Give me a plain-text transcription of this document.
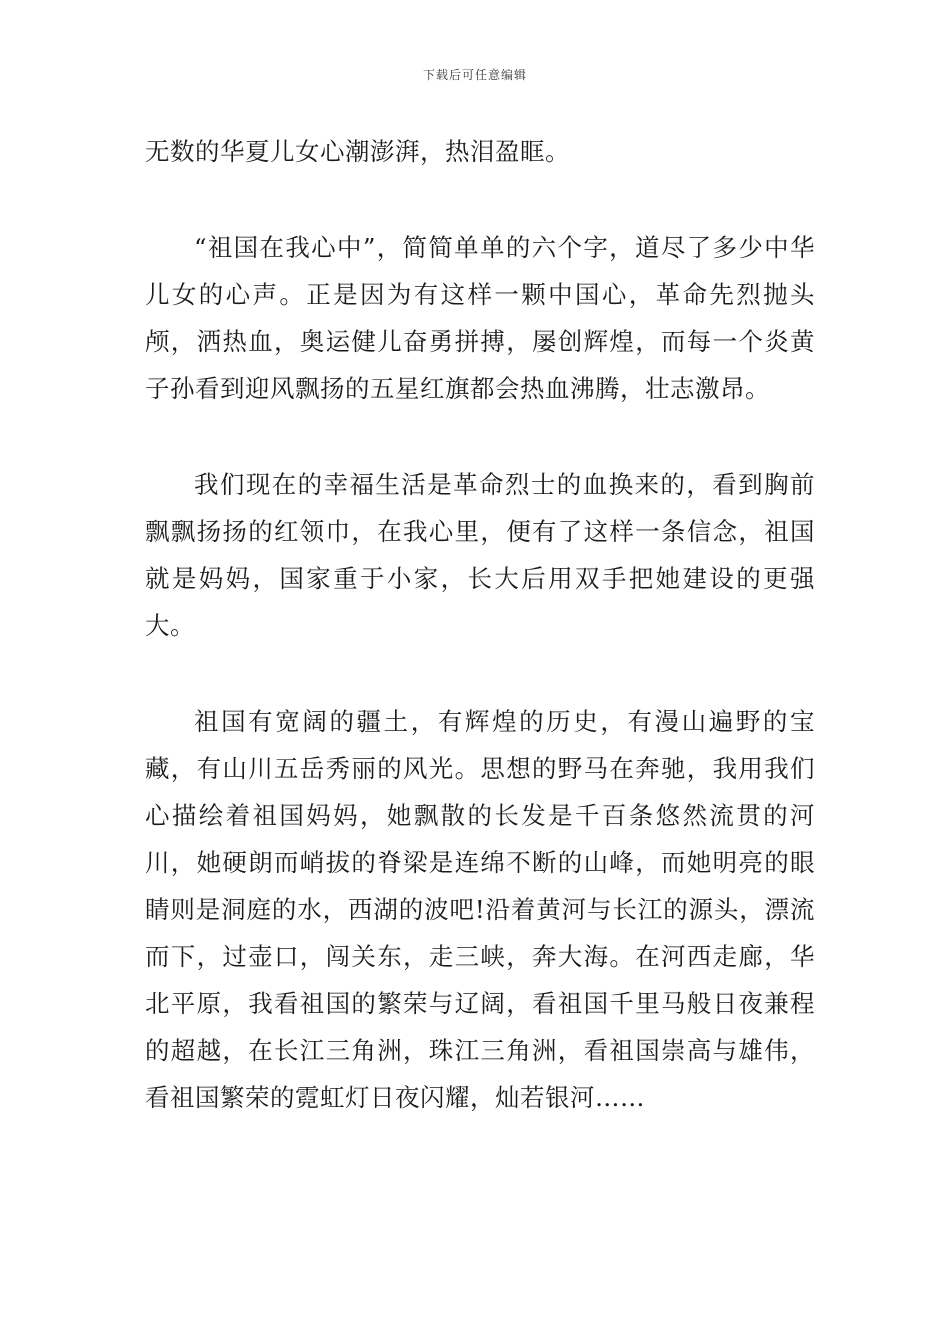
下载后可任意编辑

无数的华夏儿女心潮澎湃，热泪盈眶。

“祖国在我心中”，简简单单的六个字，道尽了多少中华儿女的心声。正是因为有这样一颗中国心，革命先烈抛头颅，洒热血，奥运健儿奋勇拼搏，屡创辉煌，而每一个炎黄子孙看到迎风飘扬的五星红旗都会热血沸腾，壮志激昂。

我们现在的幸福生活是革命烈士的血换来的，看到胸前飘飘扬扬的红领巾，在我心里，便有了这样一条信念，祖国就是妈妈，国家重于小家，长大后用双手把她建设的更强大。

祖国有宽阔的疆土，有辉煌的历史，有漫山遍野的宝藏，有山川五岳秀丽的风光。思想的野马在奔驰，我用我们心描绘着祖国妈妈，她飘散的长发是千百条悠然流贯的河川，她硬朗而峭拔的脊梁是连绵不断的山峰，而她明亮的眼睛则是洞庭的水，西湖的波吧!沿着黄河与长江的源头，漂流而下，过壶口，闯关东，走三峡，奔大海。在河西走廊，华北平原，我看祖国的繁荣与辽阔，看祖国千里马般日夜兼程的超越，在长江三角洲，珠江三角洲，看祖国崇高与雄伟，看祖国繁荣的霓虹灯日夜闪耀，灿若银河……
